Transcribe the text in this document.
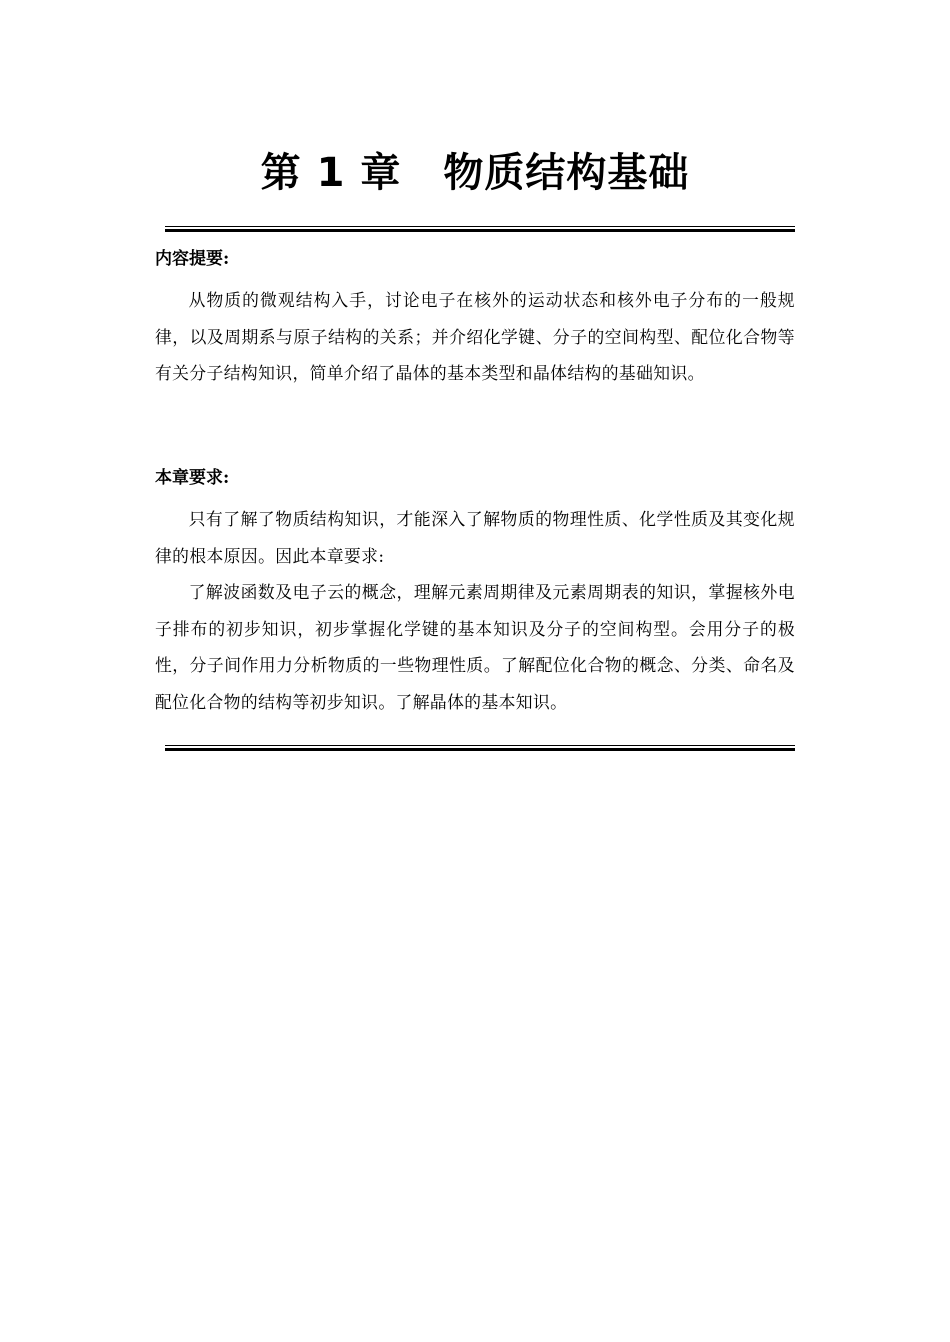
第 1 章 物质结构基础
内容提要:

从物质的微观结构入手，讨论电子在核外的运动状态和核外电子分布的一般规律，以及周期系与原子结构的关系；并介绍化学键、分子的空间构型、配位化合物等有关分子结构知识，简单介绍了晶体的基本类型和晶体结构的基础知识。

本章要求:

只有了解了物质结构知识，才能深入了解物质的物理性质、化学性质及其变化规律的根本原因。因此本章要求:

了解波函数及电子云的概念，理解元素周期律及元素周期表的知识，掌握核外电子排布的初步知识，初步掌握化学键的基本知识及分子的空间构型。会用分子的极性，分子间作用力分析物质的一些物理性质。了解配位化合物的概念、分类、命名及配位化合物的结构等初步知识。了解晶体的基本知识。
